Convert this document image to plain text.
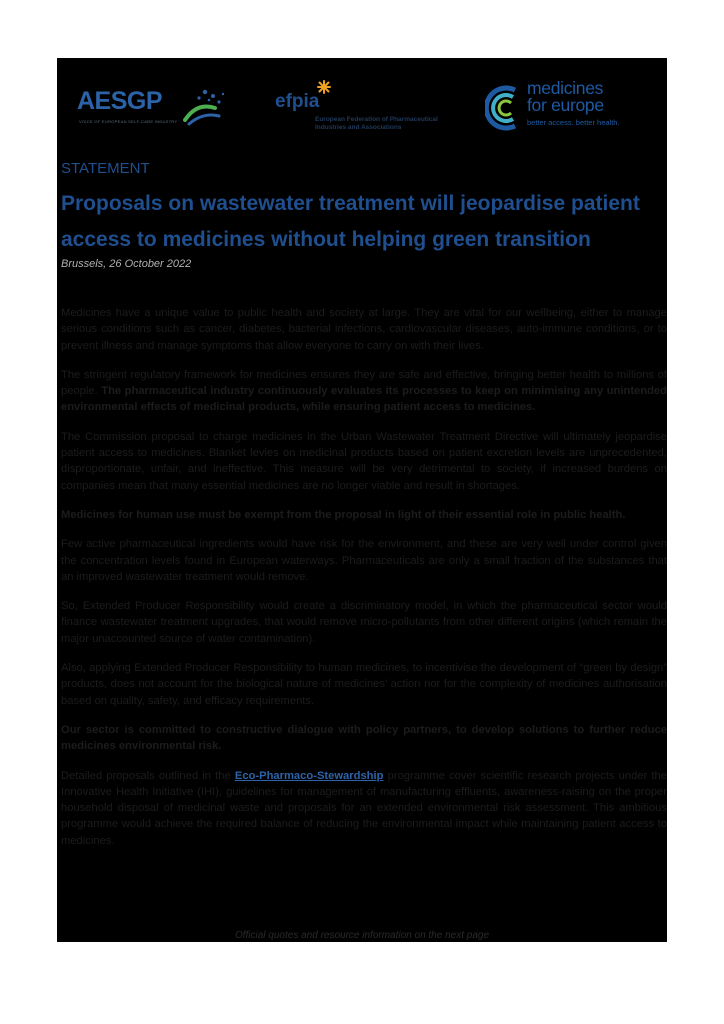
AESGP
VOICE OF EUROPEAN SELF-CARE INDUSTRY
efpia
European Federation of Pharmaceutical Industries and Associations
medicines
for europe
better access. better health.
STATEMENT
Proposals on wastewater treatment will jeopardise patient access to medicines without helping green transition
Brussels, 26 October 2022

Medicines have a unique value to public health and society at large. They are vital for our wellbeing, either to manage serious conditions such as cancer, diabetes, bacterial infections, cardiovascular diseases, auto-immune conditions, or to prevent illness and manage symptoms that allow everyone to carry on with their lives.

The stringent regulatory framework for medicines ensures they are safe and effective, bringing better health to millions of people. The pharmaceutical industry continuously evaluates its processes to keep on minimising any unintended environmental effects of medicinal products, while ensuring patient access to medicines.

The Commission proposal to charge medicines in the Urban Wastewater Treatment Directive will ultimately jeopardise patient access to medicines. Blanket levies on medicinal products based on patient excretion levels are unprecedented, disproportionate, unfair, and ineffective. This measure will be very detrimental to society, if increased burdens on companies mean that many essential medicines are no longer viable and result in shortages.

Medicines for human use must be exempt from the proposal in light of their essential role in public health.

Few active pharmaceutical ingredients would have risk for the environment, and these are very well under control given the concentration levels found in European waterways. Pharmaceuticals are only a small fraction of the substances that an improved wastewater treatment would remove.

So, Extended Producer Responsibility would create a discriminatory model, in which the pharmaceutical sector would finance wastewater treatment upgrades, that would remove micro-pollutants from other different origins (which remain the major unaccounted source of water contamination).

Also, applying Extended Producer Responsibility to human medicines, to incentivise the development of “green by design” products, does not account for the biological nature of medicines’ action nor for the complexity of medicines authorisation based on quality, safety, and efficacy requirements.

Our sector is committed to constructive dialogue with policy partners, to develop solutions to further reduce medicines environmental risk.

Detailed proposals outlined in the Eco-Pharmaco-Stewardship programme cover scientific research projects under the Innovative Health Initiative (IHI), guidelines for management of manufacturing effluents, awareness-raising on the proper household disposal of medicinal waste and proposals for an extended environmental risk assessment. This ambitious programme would achieve the required balance of reducing the environmental impact while maintaining patient access to medicines.

Official quotes and resource information on the next page
